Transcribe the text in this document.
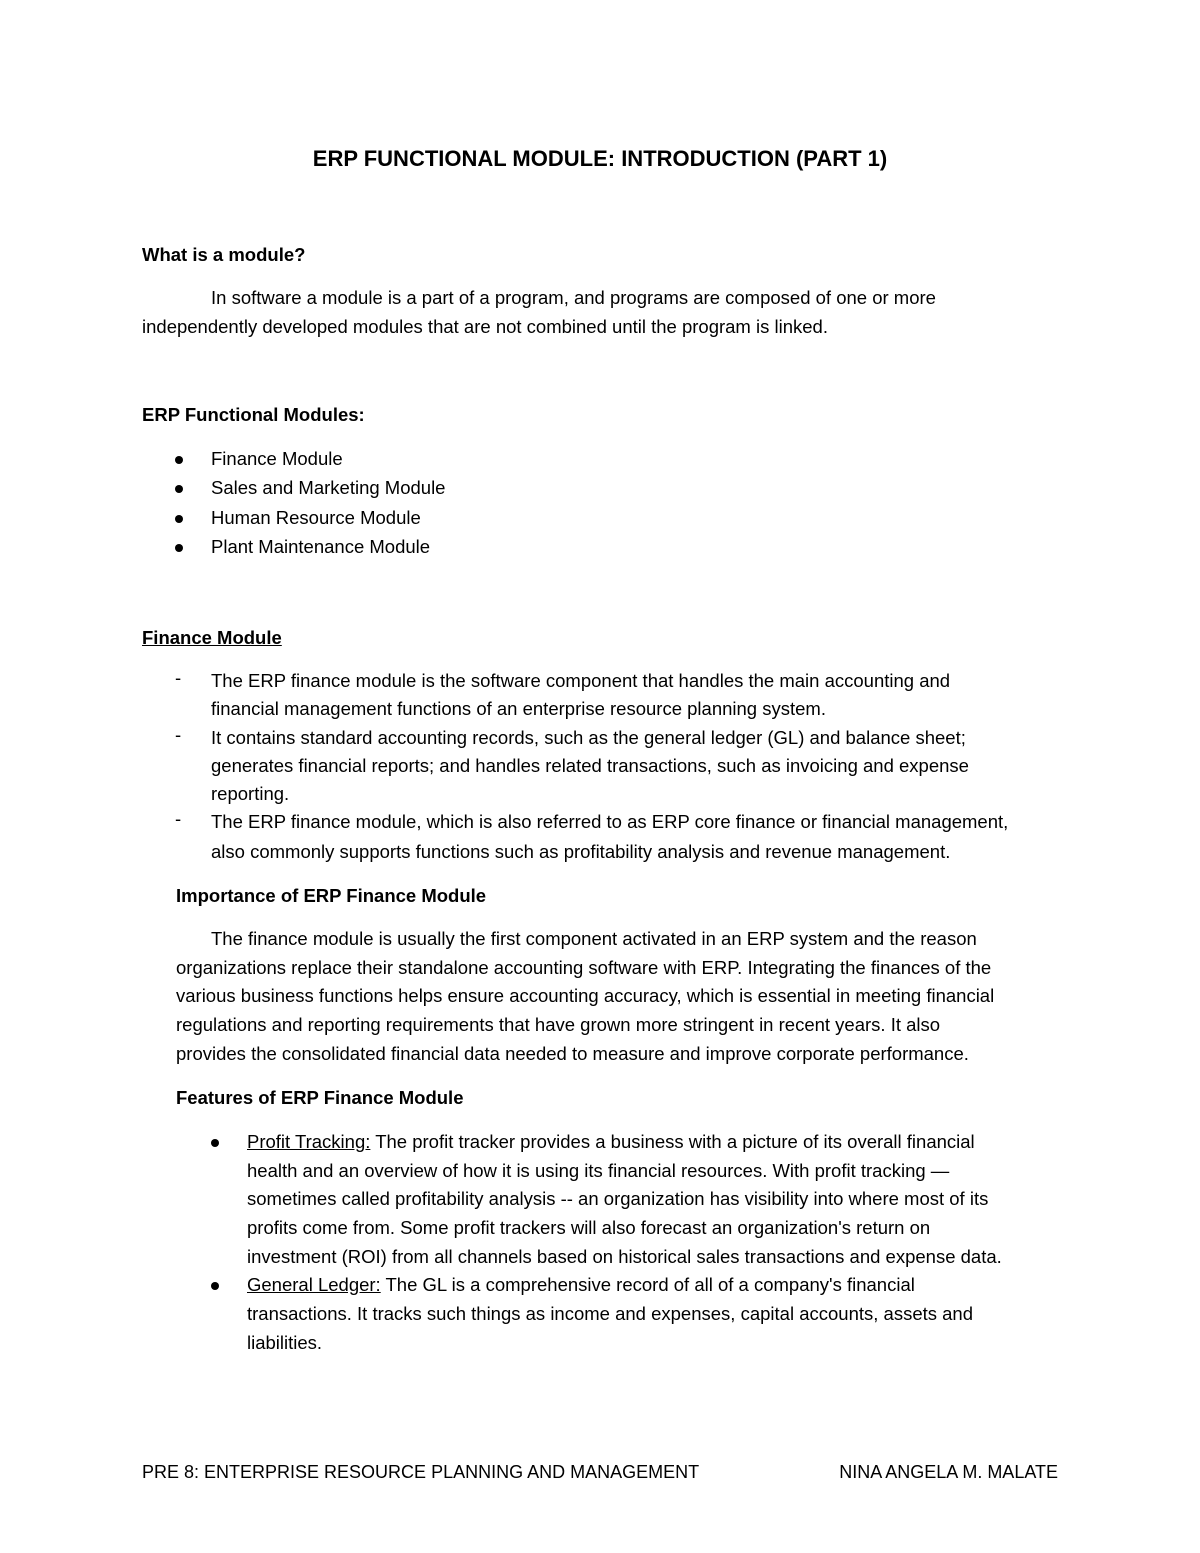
ERP FUNCTIONAL MODULE: INTRODUCTION (PART 1)
What is a module?
In software a module is a part of a program, and programs are composed of one or more
independently developed modules that are not combined until the program is linked.
ERP Functional Modules:
Finance Module
Sales and Marketing Module
Human Resource Module
Plant Maintenance Module
Finance Module
- The ERP finance module is the software component that handles the main accounting and
financial management functions of an enterprise resource planning system.
- It contains standard accounting records, such as the general ledger (GL) and balance sheet;
generates financial reports; and handles related transactions, such as invoicing and expense
reporting.
- The ERP finance module, which is also referred to as ERP core finance or financial management,
also commonly supports functions such as profitability analysis and revenue management.
Importance of ERP Finance Module
The finance module is usually the first component activated in an ERP system and the reason
organizations replace their standalone accounting software with ERP. Integrating the finances of the
various business functions helps ensure accounting accuracy, which is essential in meeting financial
regulations and reporting requirements that have grown more stringent in recent years. It also
provides the consolidated financial data needed to measure and improve corporate performance.
Features of ERP Finance Module
Profit Tracking: The profit tracker provides a business with a picture of its overall financial
health and an overview of how it is using its financial resources. With profit tracking —
sometimes called profitability analysis -- an organization has visibility into where most of its
profits come from. Some profit trackers will also forecast an organization's return on
investment (ROI) from all channels based on historical sales transactions and expense data.
General Ledger: The GL is a comprehensive record of all of a company's financial
transactions. It tracks such things as income and expenses, capital accounts, assets and
liabilities.
PRE 8: ENTERPRISE RESOURCE PLANNING AND MANAGEMENT	NINA ANGELA M. MALATE
